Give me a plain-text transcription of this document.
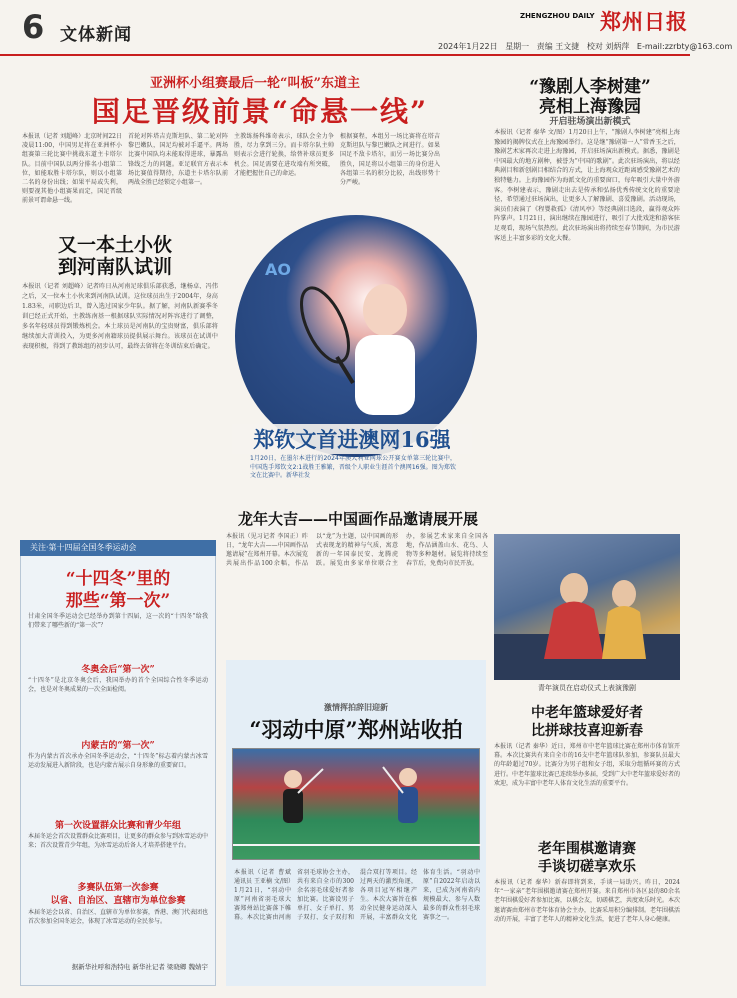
6 文体新闻
ZHENGZHOU DAILY 郑州日报
2024年1月22日 星期一 责编 王文捷 校对 刘炳萍 E-mail:zzrbty@163.com
亚洲杯小组赛最后一轮“叫板”东道主
国足晋级前景“命悬一线”
本报讯（记者 刘超峰）北京时间22日凌晨11:00，中国男足将在亚洲杯小组赛第三轮比赛中挑战东道主卡塔尔队。目前中国队以两分排名小组第二位，如能取胜卡塔尔队，则以小组第二名的身份出线；如果平局或失利，则要视其他小组赛果而定，国足晋级前景可谓命悬一线。
首轮对阵塔吉克斯坦队、第二轮对阵黎巴嫩队，国足均被对手逼平。两场比赛中国队均未能取得进球，暴露出锋线乏力的问题。亚足联官方表示本场比赛值得期待，东道主卡塔尔队前两战全胜已经锁定小组第一。
主教练扬科维奇表示，球队会全力争胜，尽力拿到三分。而卡塔尔队主帅则表示会进行轮换，给替补球员更多机会。国足需要在进攻端有所突破，才能把握住自己的命运。
根据赛程，本组另一场比赛将在塔吉克斯坦队与黎巴嫩队之间进行。如果国足不敌卡塔尔，而另一场比赛分出胜负，国足将以小组第三的身份进入各组第三名的积分比较，出线形势十分严峻。
又一本土小伙
到河南队试训
本报讯（记者 刘超峰）记者昨日从河南足球俱乐部获悉，继杨卓、冯伟之后，又一位本土小伙来到河南队试训。这位球员出生于2004年，身高1.83米，司职边后卫，曾入选过国家少年队。据了解，河南队新赛季冬训已经正式开始，主教练南基一根据球队实际情况对阵容进行了调整，多名年轻球员得到锻炼机会。本土球员是河南队的宝贵财富，俱乐部将继续加大青训投入，为更多河南籍球员提供展示舞台。该球员在试训中表现积极，得到了教练组的初步认可，最终去留将在冬训结束后确定。
AO
郑钦文首进澳网16强
1月20日，在墨尔本进行的2024年澳大利亚网球公开赛女单第三轮比赛中，中国选手郑钦文2:1战胜王雅繁，晋级个人职业生涯首个澳网16强。图为郑钦文在比赛中。新华社发
“豫剧人李树建”
亮相上海豫园
开启驻场演出新模式
本报讯（记者 秦华 文/图）1月20日上午，“豫剧人李树建”亮相上海豫园的揭牌仪式在上海豫园举行。这是继“豫剧第一人”常香玉之后，豫剧艺术家再次走进上海豫园，开启驻场演出新模式。据悉，豫剧是中国最大的地方剧种，被誉为“中国的歌剧”。此次驻场演出，将以经典剧目和新创剧目相结合的方式，让上海观众近距离感受豫剧艺术的独特魅力。上海豫园作为海派文化的重要窗口，每年吸引大量中外游客。李树建表示，豫剧走出去是传承和弘扬优秀传统文化的重要途径，希望通过驻场演出，让更多人了解豫剧、喜爱豫剧。活动现场，演员们表演了《程婴救孤》《清风亭》等经典剧目选段，赢得观众阵阵掌声。1月21日，演出继续在豫园进行，吸引了大批戏迷和游客驻足观看，现场气氛热烈。此次驻场演出将持续至春节期间，为市民游客送上丰富多彩的文化大餐。
青年演员在启动仪式上表演豫剧
关注·第十四届全国冬季运动会
“十四冬”里的
那些“第一次”
甘肃全国冬季运动会已经举办到第十四届，这一次的“十四冬”给我们带来了哪些新的“第一次”？
冬奥会后“第一次”
“十四冬”是北京冬奥会后，我国举办的首个全国综合性冬季运动会，也是对冬奥成果的一次全面检阅。
内蒙古的“第一次”
作为内蒙古首次承办全国冬季运动会，“十四冬”标志着内蒙古冰雪运动发展进入新阶段，也是内蒙古展示自身形象的重要窗口。
第一次设置群众比赛和青少年组
本届冬运会首次设置群众比赛项目，让更多的群众参与到冰雪运动中来；首次设置青少年组，为冰雪运动后备人才培养搭建平台。
多赛队伍第一次参赛
以省、自治区、直辖市为单位参赛
本届冬运会以省、自治区、直辖市为单位参赛，香港、澳门代表团也首次参加全国冬运会，体现了冰雪运动的全民参与。
据新华社呼和浩特电 新华社记者 梁晓卿 魏婧宇
龙年大吉——中国画作品邀请展开展
本报讯（见习记者 李国正）昨日，“龙年大吉——中国画作品邀请展”在郑州开幕。本次展览共展出作品100余幅，作品以“龙”为主题，以中国画的形式表现龙的精神与气质，寓意新的一年国泰民安、龙腾虎跃。展览由多家单位联合主办，参展艺术家来自全国各地，作品涵盖山水、花鸟、人物等多种题材。展览将持续至春节后，免费向市民开放。
激情挥拍辞旧迎新
“羽动中原”郑州站收拍
本报讯（记者 曹斌 通讯员 王亚楠 文/图）1月21日，“羽动中原”河南省羽毛球大赛郑州站比赛落下帷幕。本次比赛由河南省羽毛球协会主办，共有来自全市的300余名羽毛球爱好者参加比赛。比赛设男子单打、女子单打、男子双打、女子双打和混合双打等项目。经过两天的激烈角逐，各项目冠军相继产生。本次大赛旨在推动全民健身运动深入开展，丰富群众文化体育生活。“羽动中原”自2022年启动以来，已成为河南省内规模最大、参与人数最多的群众性羽毛球赛事之一。
中老年篮球爱好者
比拼球技喜迎新春
本报讯（记者 秦华）近日，郑州市中老年篮球比赛在郑州市体育馆开幕。本次比赛共有来自全市的16支中老年篮球队参加，参赛队员最大的年龄超过70岁。比赛分为男子组和女子组，采取分组循环赛的方式进行。中老年篮球比赛已连续举办多届，受到广大中老年篮球爱好者的欢迎，成为丰富中老年人体育文化生活的重要平台。
老年围棋邀请赛
手谈切磋享欢乐
本报讯（记者 秦华）新春即将到来，手谈一局助兴。昨日，2024年“一家亲”老年围棋邀请赛在郑州开赛。来自郑州市各区县的80余名老年围棋爱好者参加比赛，以棋会友，切磋棋艺，共度欢乐时光。本次邀请赛由郑州市老年体育协会主办，比赛采用积分编排制。老年围棋活动的开展，丰富了老年人的精神文化生活，促进了老年人身心健康。
